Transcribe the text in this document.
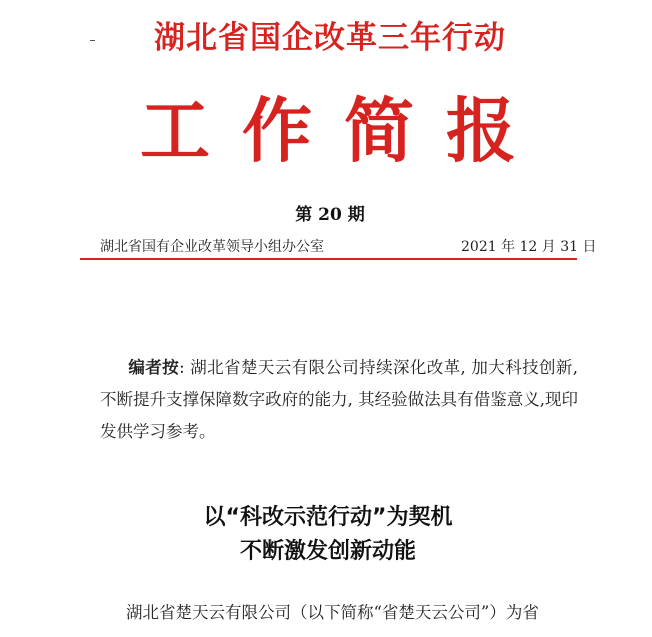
湖北省国企改革三年行动
工作简报
第 20 期
湖北省国有企业改革领导小组办公室	2021 年 12 月 31 日
编者按: 湖北省楚天云有限公司持续深化改革, 加大科技创新, 不断提升支撑保障数字政府的能力, 其经验做法具有借鉴意义,现印发供学习参考。
以“科改示范行动”为契机
不断激发创新动能
湖北省楚天云有限公司（以下简称“省楚天云公司”）为省
